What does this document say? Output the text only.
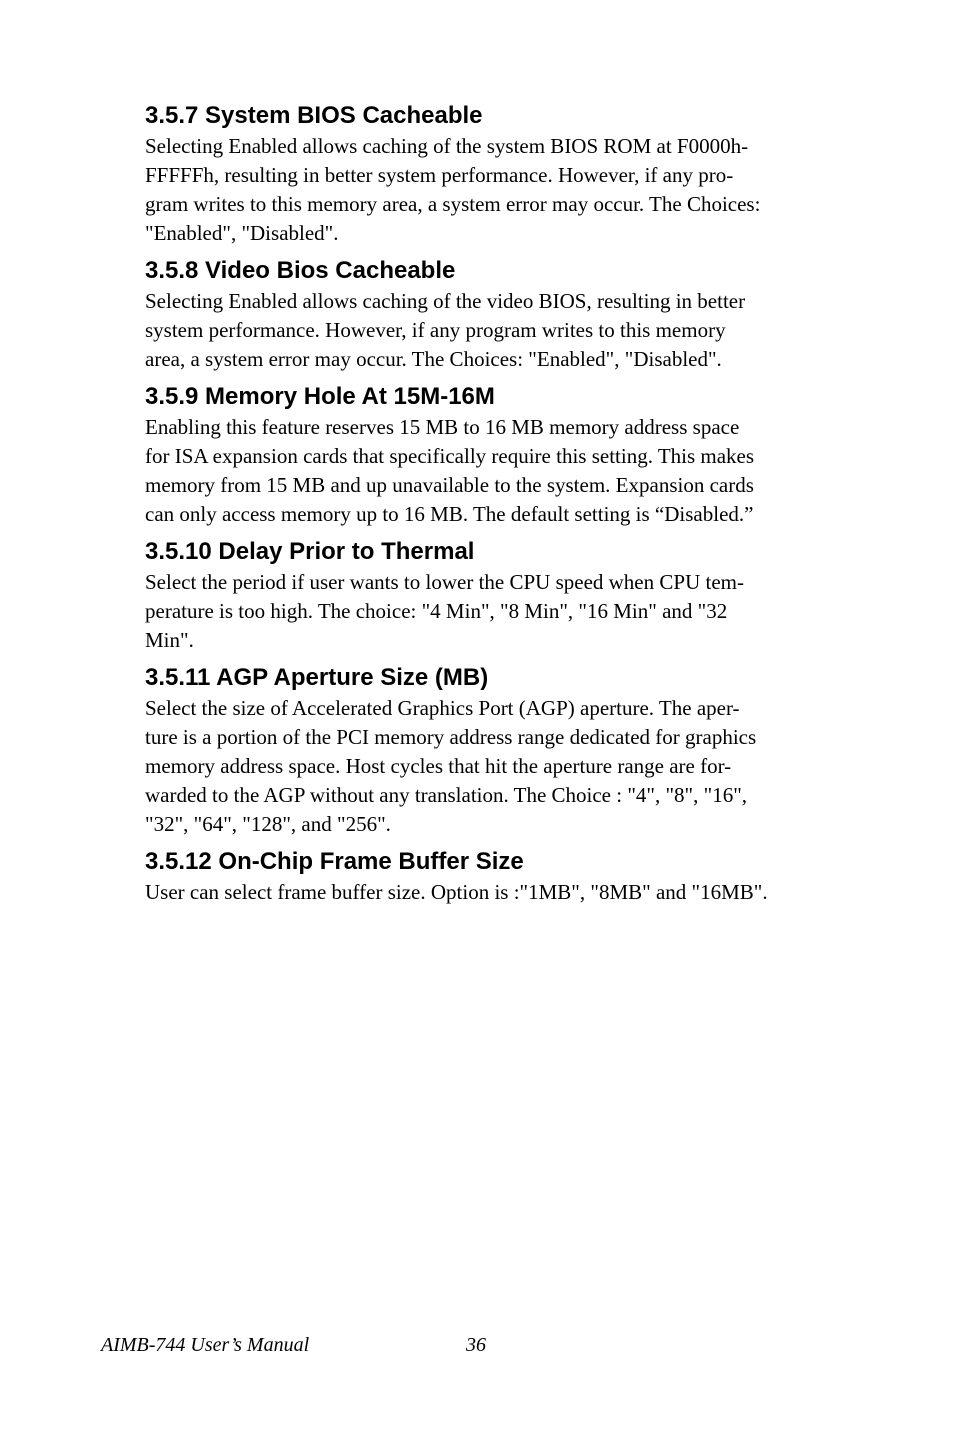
3.5.7 System BIOS Cacheable

Selecting Enabled allows caching of the system BIOS ROM at F0000h-
FFFFFh, resulting in better system performance. However, if any pro-
gram writes to this memory area, a system error may occur. The Choices:
"Enabled", "Disabled".

3.5.8 Video Bios Cacheable

Selecting Enabled allows caching of the video BIOS, resulting in better
system performance. However, if any program writes to this memory
area, a system error may occur. The Choices: "Enabled", "Disabled".

3.5.9 Memory Hole At 15M-16M

Enabling this feature reserves 15 MB to 16 MB memory address space
for ISA expansion cards that specifically require this setting. This makes
memory from 15 MB and up unavailable to the system. Expansion cards
can only access memory up to 16 MB. The default setting is “Disabled.”

3.5.10 Delay Prior to Thermal

Select the period if user wants to lower the CPU speed when CPU tem-
perature is too high. The choice: "4 Min", "8 Min", "16 Min" and "32
Min".

3.5.11 AGP Aperture Size (MB)

Select the size of Accelerated Graphics Port (AGP) aperture. The aper-
ture is a portion of the PCI memory address range dedicated for graphics
memory address space. Host cycles that hit the aperture range are for-
warded to the AGP without any translation. The Choice : "4", "8", "16",
"32", "64", "128", and "256".

3.5.12 On-Chip Frame Buffer Size

User can select frame buffer size. Option is :"1MB", "8MB" and "16MB".

AIMB-744 User’s Manual	36
